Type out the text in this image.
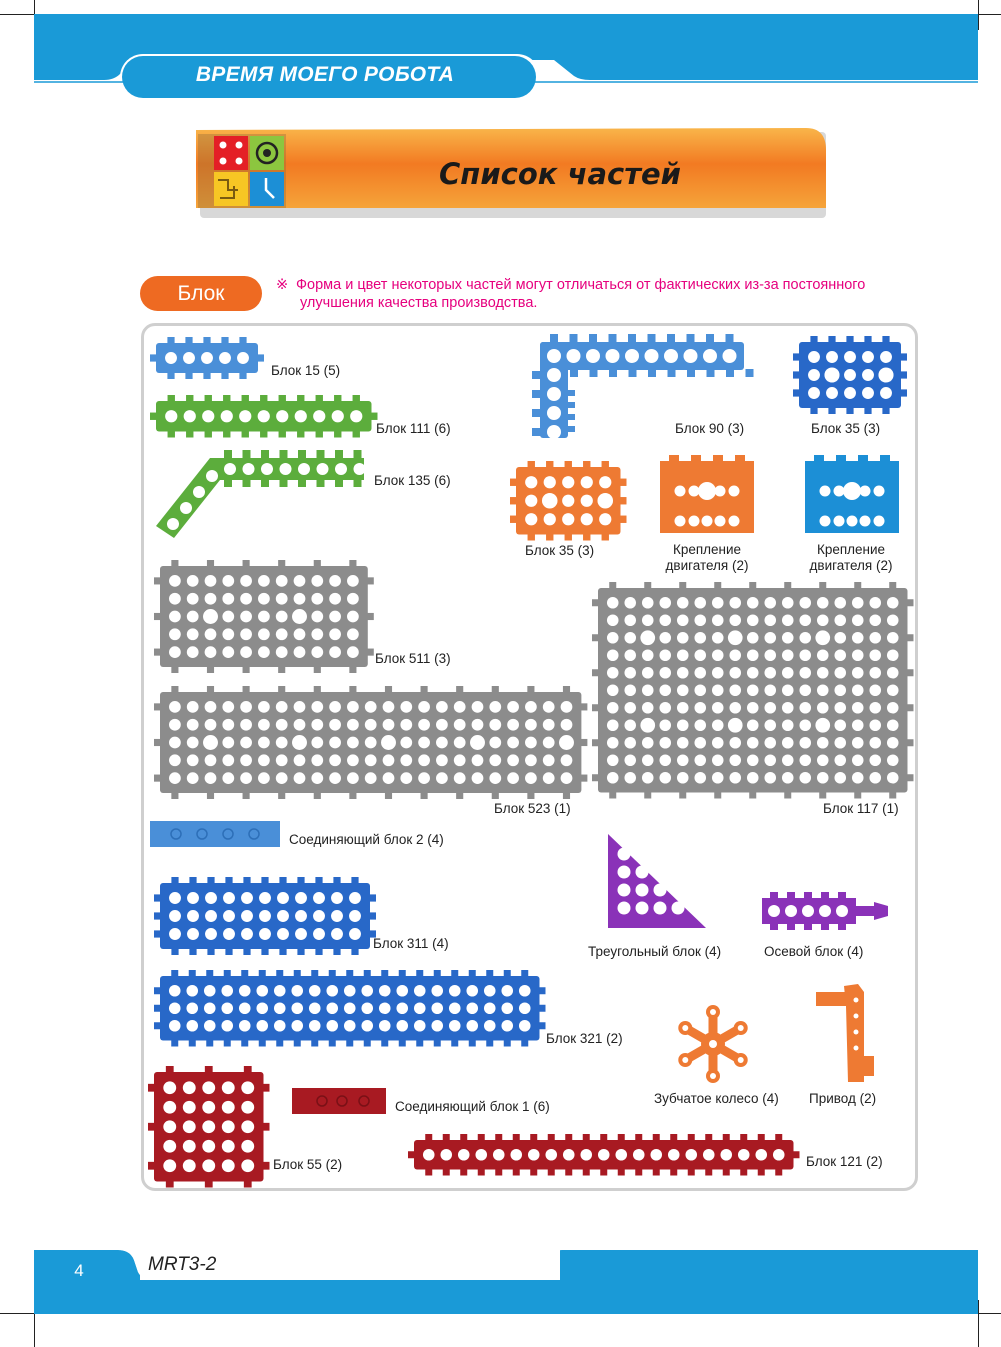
ВРЕМЯ МОЕГО РОБОТА
Список частей
Блок	※ Форма и цвет некоторых частей могут отличаться от фактических из-за постоянного
улучшения качества производства.
Блок 15 (5)
Блок 111 (6)
Блок 135 (6)
Блок 90 (3)	Блок 35 (3)
Блок 35 (3)	Крепление
двигателя (2)
Крепление
двигателя (2)
Блок 511 (3)
Блок 523 (1)	Блок 117 (1)
Соединяющий блок 2 (4)
Блок 311 (4)
Треугольный блок (4)	Осевой блок (4)
Блок 321 (2)
Зубчатое колесо (4) Привод (2)
Блок 55 (2)
Соединяющий блок 1 (6)
Блок 121 (2)
4	MRT3-2
